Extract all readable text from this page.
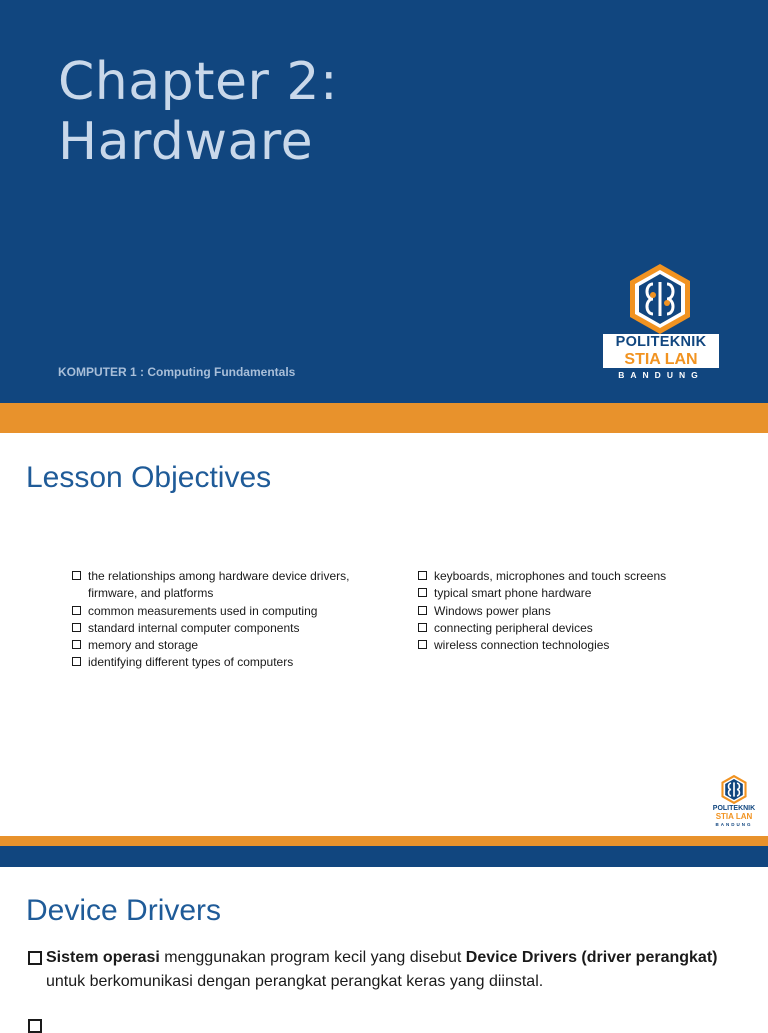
Chapter 2:
Hardware
KOMPUTER 1 : Computing Fundamentals
POLITEKNIK
STIA LAN
BANDUNG
Lesson Objectives
the relationships among hardware device drivers, firmware, and platforms
common measurements used in computing
standard internal computer components
memory and storage
identifying different types of computers
keyboards, microphones and touch screens
typical smart phone hardware
Windows power plans
connecting peripheral devices
wireless connection technologies
POLITEKNIK
STIA LAN
BANDUNG
Device Drivers
Sistem operasi menggunakan program kecil yang disebut Device Drivers (driver perangkat) untuk berkomunikasi dengan perangkat perangkat keras yang diinstal.
